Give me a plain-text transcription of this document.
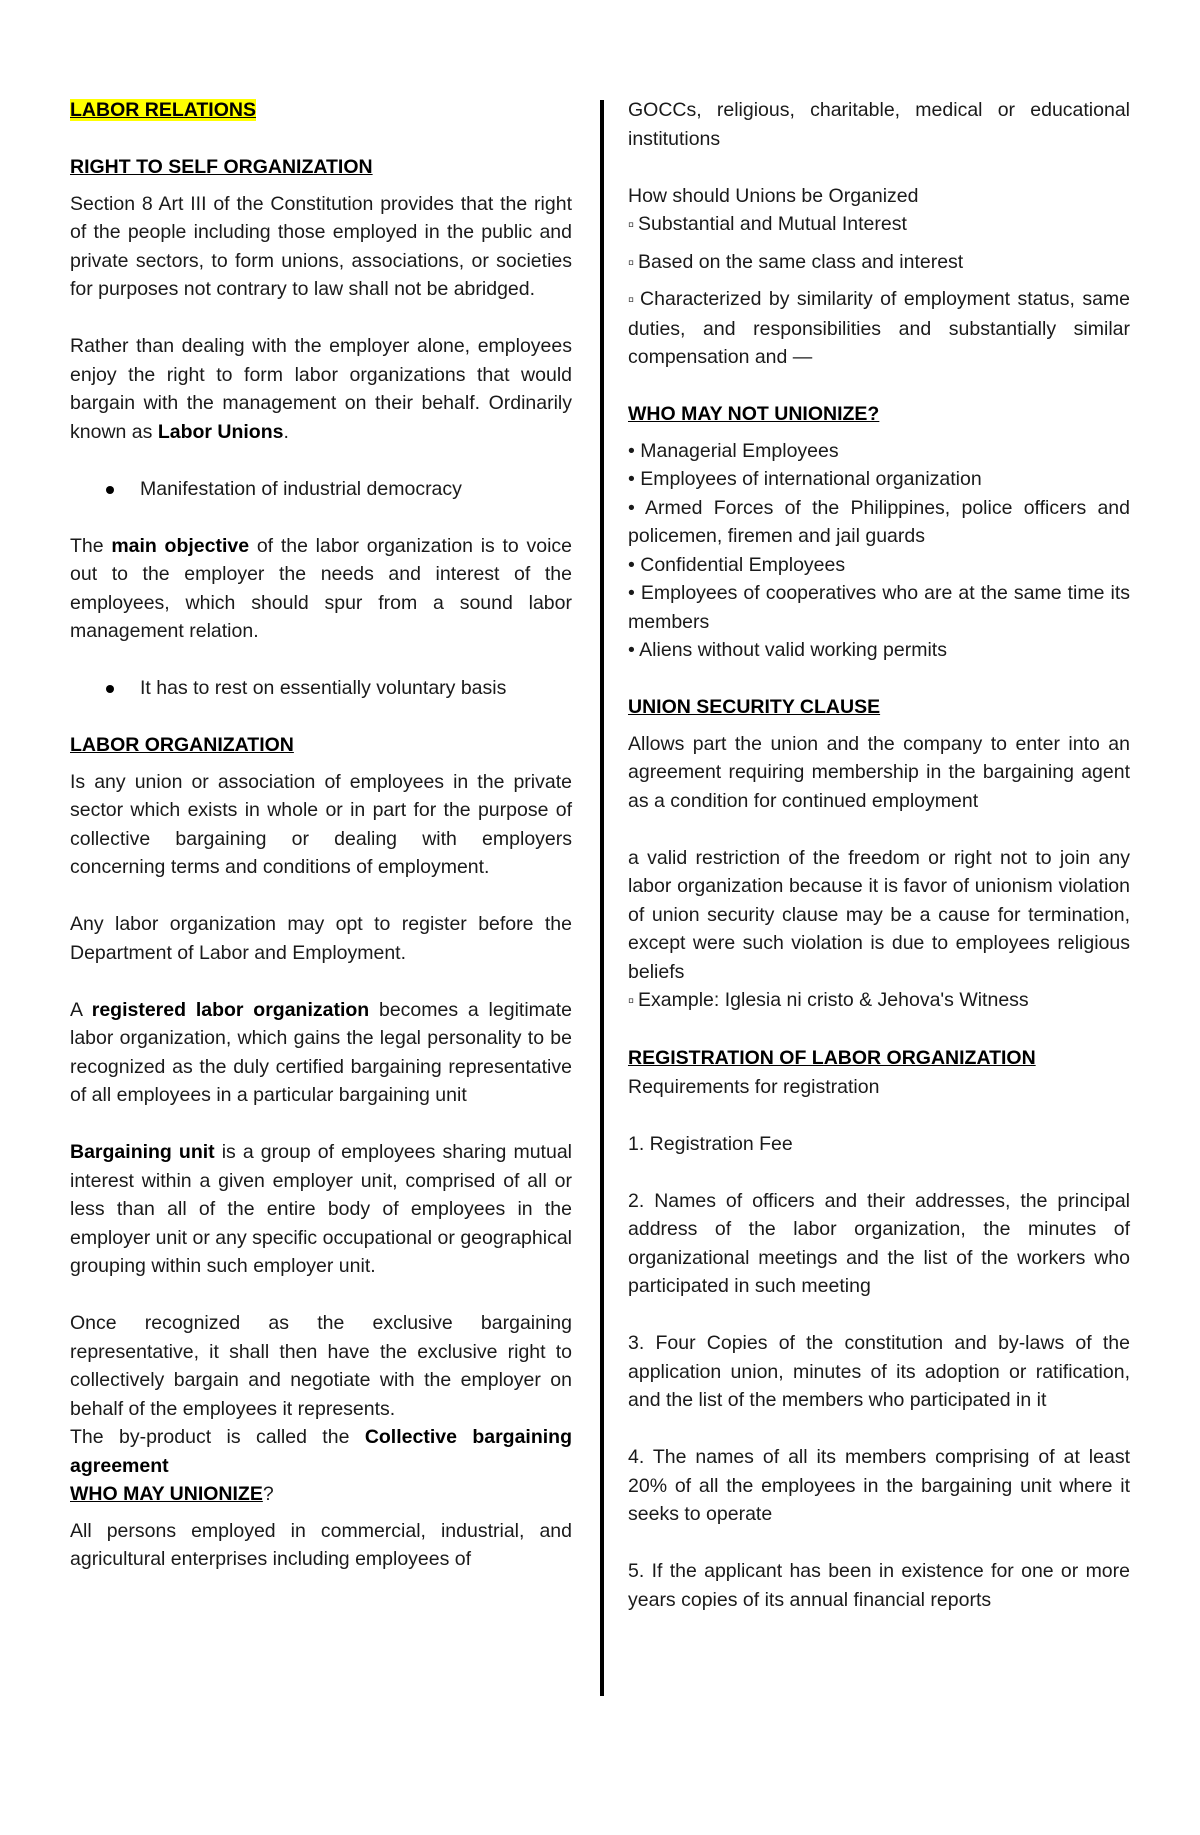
LABOR RELATIONS

RIGHT TO SELF ORGANIZATION

Section 8 Art III of the Constitution provides that the right of the people including those employed in the public and private sectors, to form unions, associations, or societies for purposes not contrary to law shall not be abridged.

Rather than dealing with the employer alone, employees enjoy the right to form labor organizations that would bargain with the management on their behalf. Ordinarily known as Labor Unions.

Manifestation of industrial democracy

The main objective of the labor organization is to voice out to the employer the needs and interest of the employees, which should spur from a sound labor management relation.

It has to rest on essentially voluntary basis

LABOR ORGANIZATION

Is any union or association of employees in the private sector which exists in whole or in part for the purpose of collective bargaining or dealing with employers concerning terms and conditions of employment.

Any labor organization may opt to register before the Department of Labor and Employment.

A registered labor organization becomes a legitimate labor organization, which gains the legal personality to be recognized as the duly certified bargaining representative of all employees in a particular bargaining unit

Bargaining unit is a group of employees sharing mutual interest within a given employer unit, comprised of all or less than all of the entire body of employees in the employer unit or any specific occupational or geographical grouping within such employer unit.

Once recognized as the exclusive bargaining representative, it shall then have the exclusive right to collectively bargain and negotiate with the employer on behalf of the employees it represents.

The by-product is called the Collective bargaining agreement

WHO MAY UNIONIZE?

All persons employed in commercial, industrial, and agricultural enterprises including employees of

GOCCs, religious, charitable, medical or educational institutions

How should Unions be Organized

▫ Substantial and Mutual Interest

▫ Based on the same class and interest

▫ Characterized by similarity of employment status, same duties, and responsibilities and substantially similar compensation and —

WHO MAY NOT UNIONIZE?

• Managerial Employees

• Employees of international organization

• Armed Forces of the Philippines, police officers and policemen, firemen and jail guards

• Confidential Employees

• Employees of cooperatives who are at the same time its members

• Aliens without valid working permits

UNION SECURITY CLAUSE

Allows part the union and the company to enter into an agreement requiring membership in the bargaining agent as a condition for continued employment

a valid restriction of the freedom or right not to join any labor organization because it is favor of unionism violation of union security clause may be a cause for termination, except were such violation is due to employees religious beliefs

▫ Example: Iglesia ni cristo & Jehova's Witness

REGISTRATION OF LABOR ORGANIZATION

Requirements for registration

1. Registration Fee

2. Names of officers and their addresses, the principal address of the labor organization, the minutes of organizational meetings and the list of the workers who participated in such meeting

3. Four Copies of the constitution and by-laws of the application union, minutes of its adoption or ratification, and the list of the members who participated in it

4. The names of all its members comprising of at least 20% of all the employees in the bargaining unit where it seeks to operate

5. If the applicant has been in existence for one or more years copies of its annual financial reports
